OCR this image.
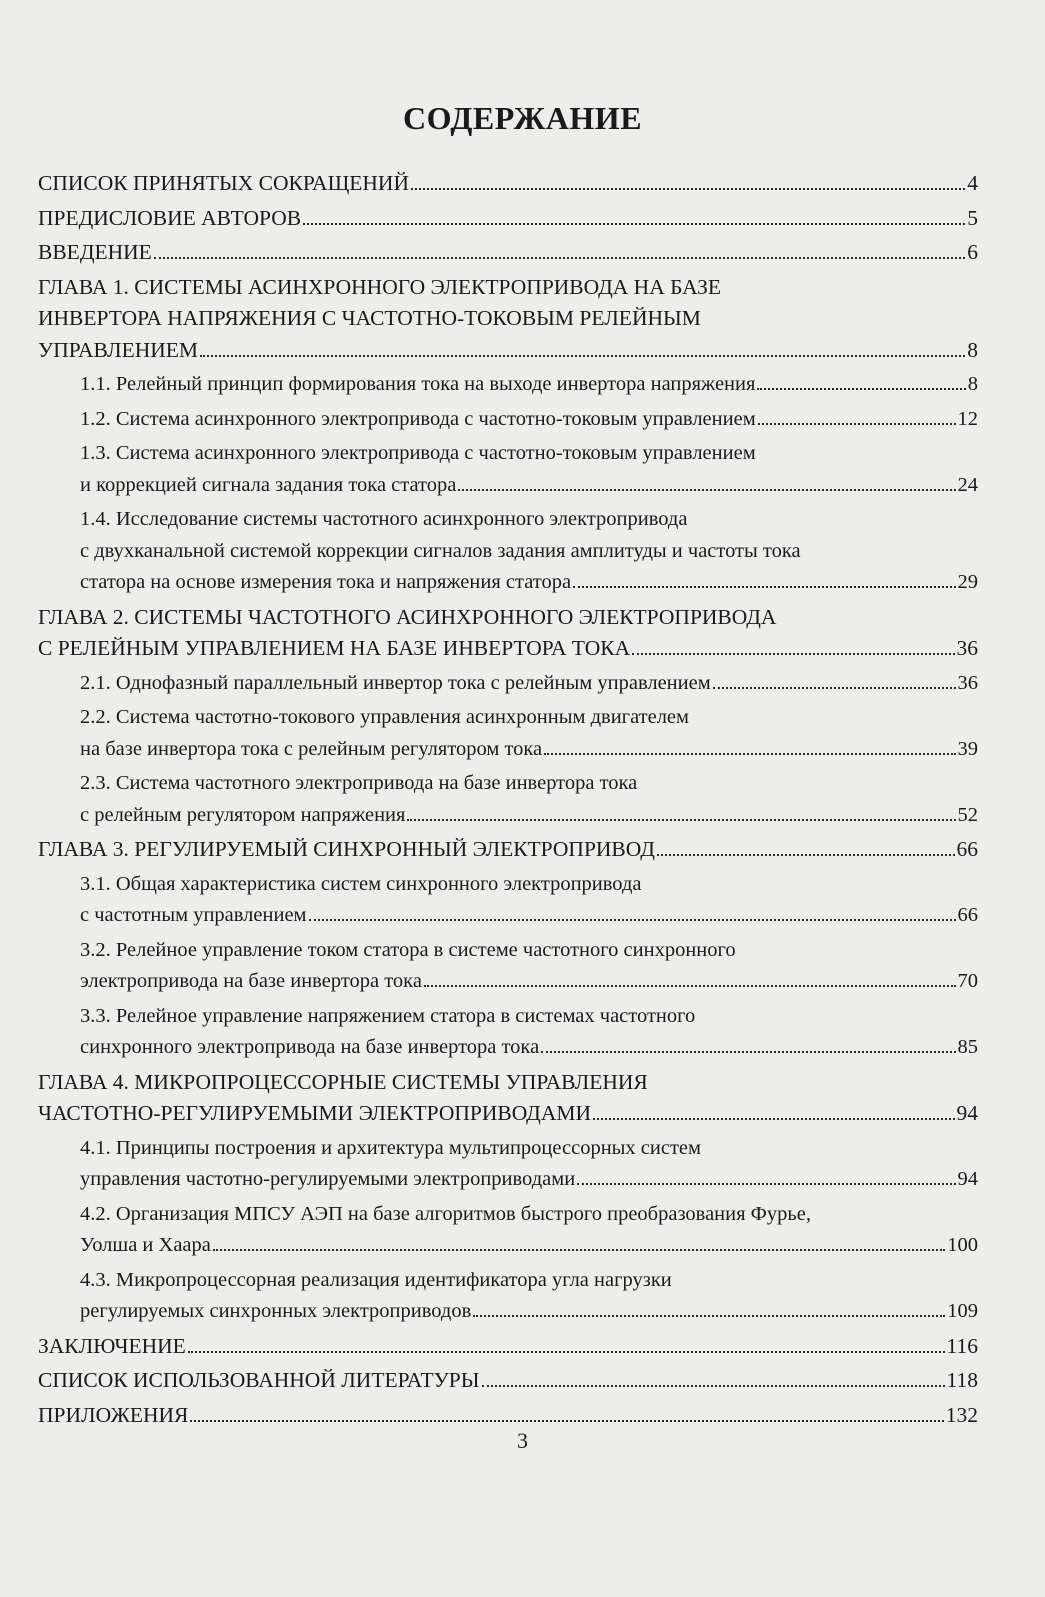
СОДЕРЖАНИЕ
СПИСОК ПРИНЯТЫХ СОКРАЩЕНИЙ	4
ПРЕДИСЛОВИЕ АВТОРОВ	5
ВВЕДЕНИЕ	6
ГЛАВА 1. СИСТЕМЫ АСИНХРОННОГО ЭЛЕКТРОПРИВОДА НА БАЗЕ
ИНВЕРТОРА НАПРЯЖЕНИЯ С ЧАСТОТНО-ТОКОВЫМ РЕЛЕЙНЫМ
УПРАВЛЕНИЕМ	8
1.1. Релейный принцип формирования тока на выходе инвертора напряжения	8
1.2. Система асинхронного электропривода с частотно-токовым управлением	12
1.3. Система асинхронного электропривода с частотно-токовым управлением
и коррекцией сигнала задания тока статора	24
1.4. Исследование системы частотного асинхронного электропривода
с двухканальной системой коррекции сигналов задания амплитуды и частоты тока
статора на основе измерения тока и напряжения статора	29
ГЛАВА 2. СИСТЕМЫ ЧАСТОТНОГО АСИНХРОННОГО ЭЛЕКТРОПРИВОДА
С РЕЛЕЙНЫМ УПРАВЛЕНИЕМ НА БАЗЕ ИНВЕРТОРА ТОКА	36
2.1. Однофазный параллельный инвертор тока с релейным управлением	36
2.2. Система частотно-токового управления асинхронным двигателем
на базе инвертора тока с релейным регулятором тока	39
2.3. Система частотного электропривода на базе инвертора тока
с релейным регулятором напряжения	52
ГЛАВА 3. РЕГУЛИРУЕМЫЙ СИНХРОННЫЙ ЭЛЕКТРОПРИВОД	66
3.1. Общая характеристика систем синхронного электропривода
с частотным управлением	66
3.2. Релейное управление током статора в системе частотного синхронного
электропривода на базе инвертора тока	70
3.3. Релейное управление напряжением статора в системах частотного
синхронного электропривода на базе инвертора тока	85
ГЛАВА 4. МИКРОПРОЦЕССОРНЫЕ СИСТЕМЫ УПРАВЛЕНИЯ
ЧАСТОТНО-РЕГУЛИРУЕМЫМИ ЭЛЕКТРОПРИВОДАМИ	94
4.1. Принципы построения и архитектура мультипроцессорных систем
управления частотно-регулируемыми электроприводами	94
4.2. Организация МПСУ АЭП на базе алгоритмов быстрого преобразования Фурье,
Уолша и Хаара	100
4.3. Микропроцессорная реализация идентификатора угла нагрузки
регулируемых синхронных электроприводов	109
ЗАКЛЮЧЕНИЕ	116
СПИСОК ИСПОЛЬЗОВАННОЙ ЛИТЕРАТУРЫ	118
ПРИЛОЖЕНИЯ	132
3
